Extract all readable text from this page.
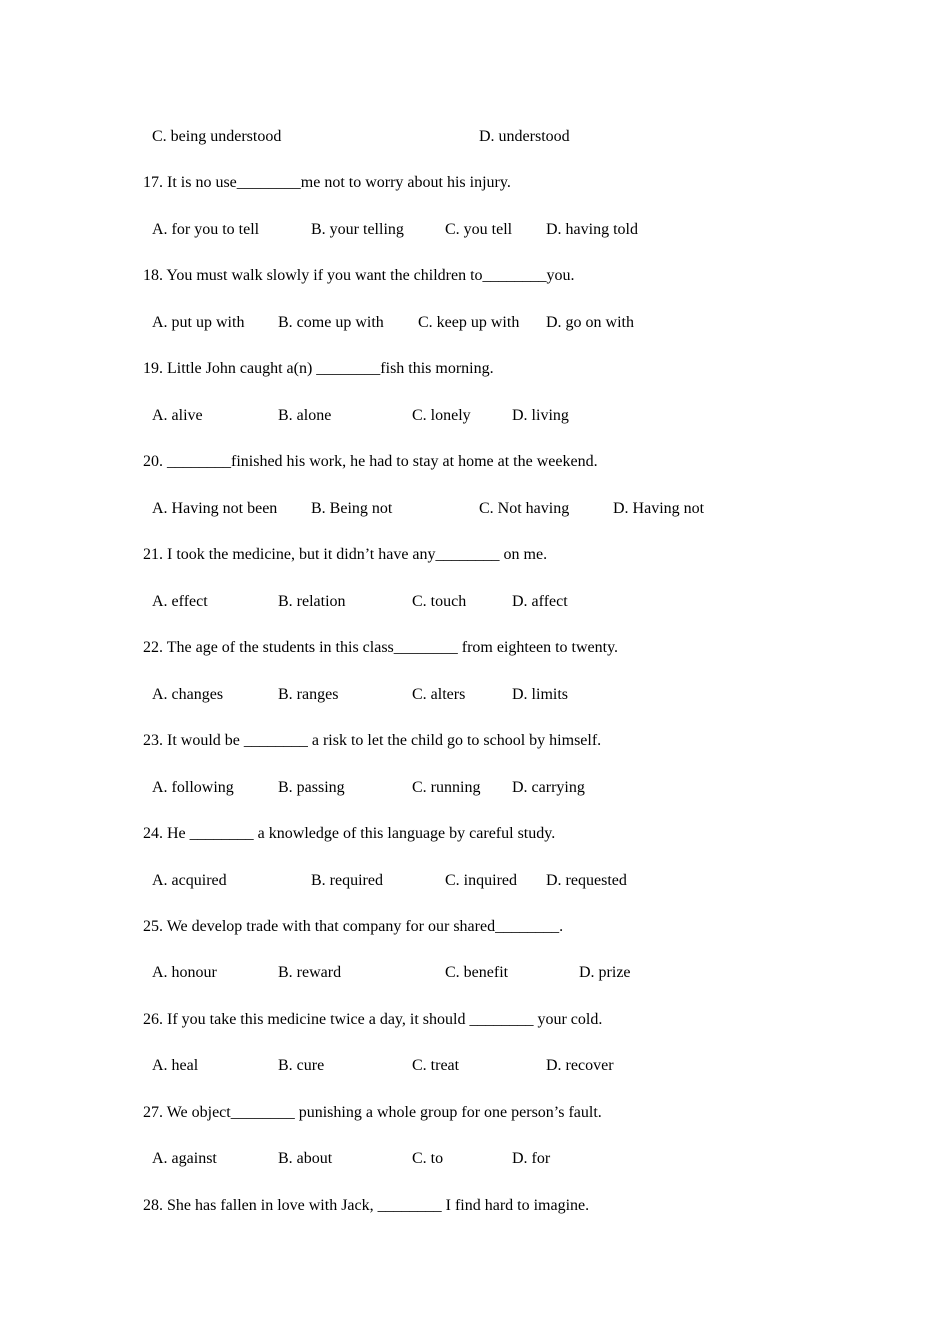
C. being understood	D. understood
17. It is no use________me not to worry about his injury.
A. for you to tell	B. your telling	C. you tell D. having told
18. You must walk slowly if you want the children to________you.
A. put up with B. come up with C. keep up with D. go on with
19. Little John caught a(n) ________fish this morning.
A. alive	B. alone	C. lonely	D. living
20. ________finished his work, he had to stay at home at the weekend.
A. Having not been B. Being not	C. Not having	D. Having not
21. I took the medicine, but it didn’t have any________ on me.
A. effect	B. relation	C. touch	D. affect
22. The age of the students in this class________ from eighteen to twenty.
A. changes	B. ranges	C. alters	D. limits
23. It would be ________ a risk to let the child go to school by himself.
A. following	B. passing	C. running D. carrying
24. He ________ a knowledge of this language by careful study.
A. acquired	B. required	C. inquired D. requested
25. We develop trade with that company for our shared________.
A. honour	B. reward	C. benefit	D. prize
26. If you take this medicine twice a day, it should ________ your cold.
A. heal	B. cure	C. treat	D. recover
27. We object________ punishing a whole group for one person’s fault.
A. against	B. about	C. to	D. for
28. She has fallen in love with Jack, ________ I find hard to imagine.
